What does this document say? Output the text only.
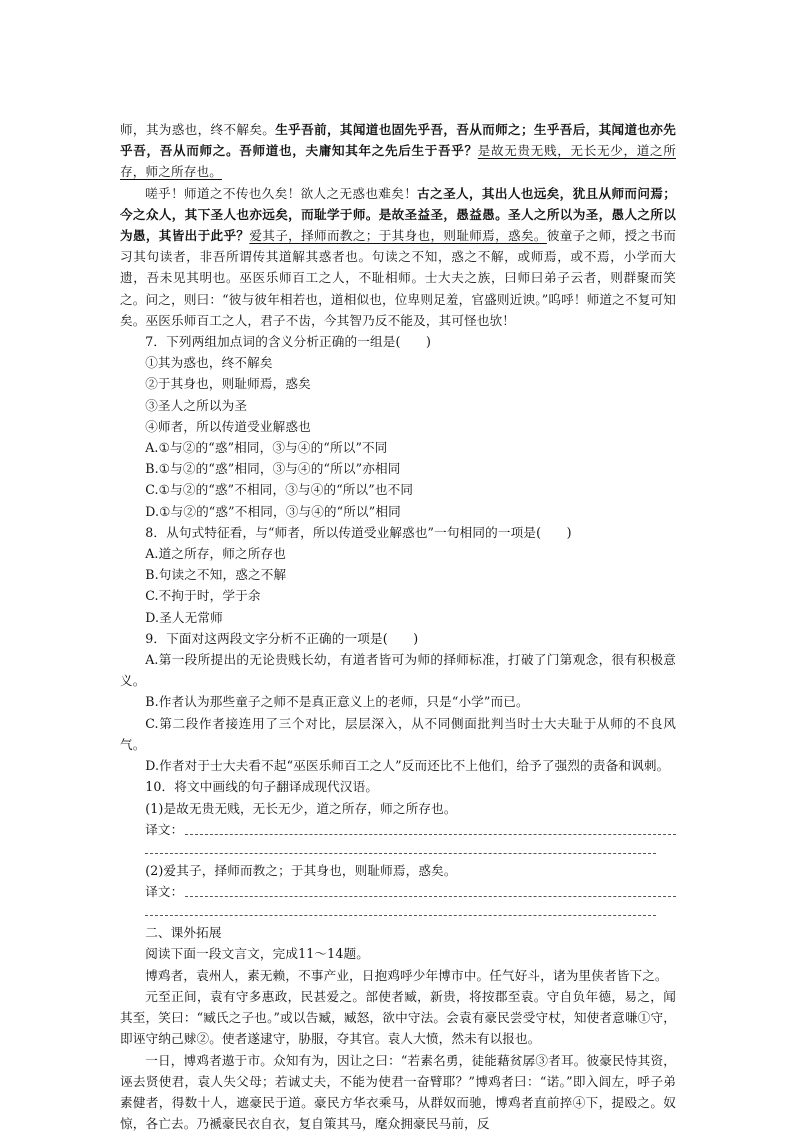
师，其为惑也，终不解矣。生乎吾前，其闻道也固先乎吾，吾从而师之；生乎吾后，其闻道也亦先乎吾，吾从而师之。吾师道也，夫庸知其年之先后生于吾乎？是故无贵无贱，无长无少，道之所存，师之所存也。

嗟乎！师道之不传也久矣！欲人之无惑也难矣！古之圣人，其出人也远矣，犹且从师而问焉；今之众人，其下圣人也亦远矣，而耻学于师。是故圣益圣，愚益愚。圣人之所以为圣，愚人之所以为愚，其皆出于此乎？爱其子，择师而教之；于其身也，则耻师焉，惑矣。彼童子之师，授之书而习其句读者，非吾所谓传其道解其惑者也。句读之不知，惑之不解，或师焉，或不焉，小学而大遗，吾未见其明也。巫医乐师百工之人，不耻相师。士大夫之族，曰师曰弟子云者，则群聚而笑之。问之，则曰：“彼与彼年相若也，道相似也，位卑则足羞，官盛则近谀。”呜呼！师道之不复可知矣。巫医乐师百工之人，君子不齿，今其智乃反不能及，其可怪也欤！

7．下列两组加点词的含义分析正确的一组是(　　)

①其为惑也，终不解矣

②于其身也，则耻师焉，惑矣

③圣人之所以为圣

④师者，所以传道受业解惑也

A.①与②的“惑”相同，③与④的“所以”不同

B.①与②的“惑”相同，③与④的“所以”亦相同

C.①与②的“惑”不相同，③与④的“所以”也不同

D.①与②的“惑”不相同，③与④的“所以”相同

8．从句式特征看，与“师者，所以传道受业解惑也”一句相同的一项是(　　)

A.道之所存，师之所存也

B.句读之不知，惑之不解

C.不拘于时，学于余

D.圣人无常师

9．下面对这两段文字分析不正确的一项是(　　)

A.第一段所提出的无论贵贱长幼，有道者皆可为师的择师标准，打破了门第观念，很有积极意义。

B.作者认为那些童子之师不是真正意义上的老师，只是“小学”而已。

C.第二段作者接连用了三个对比，层层深入，从不同侧面批判当时士大夫耻于从师的不良风气。

D.作者对于士大夫看不起“巫医乐师百工之人”反而还比不上他们，给予了强烈的责备和讽刺。

10．将文中画线的句子翻译成现代汉语。

(1)是故无贵无贱，无长无少，道之所存，师之所存也。

译文：

(2)爱其子，择师而教之；于其身也，则耻师焉，惑矣。

译文：

二、课外拓展

阅读下面一段文言文，完成11～14题。

博鸡者，袁州人，素无赖，不事产业，日抱鸡呼少年博市中。任气好斗，诸为里侠者皆下之。

元至正间，袁有守多惠政，民甚爱之。部使者臧，新贵，将按郡至袁。守自负年德，易之，闻其至，笑曰：“臧氏之子也。”或以告臧，臧怒，欲中守法。会袁有豪民尝受守杖，知使者意嗛①守，即诬守纳己赇②。使者遂逮守，胁服，夺其官。袁人大愤，然未有以报也。

一日，博鸡者遨于市。众知有为，因让之曰：“若素名勇，徒能藉贫孱③者耳。彼豪民恃其资，诬去贤使君，袁人失父母；若诚丈夫，不能为使君一奋臂耶？”博鸡者曰：“诺。”即入闾左，呼子弟素健者，得数十人，遮豪民于道。豪民方华衣乘马，从群奴而驰，博鸡者直前捽④下，提殴之。奴惊，各亡去。乃褫豪民衣自衣，复自策其马，麾众拥豪民马前，反
